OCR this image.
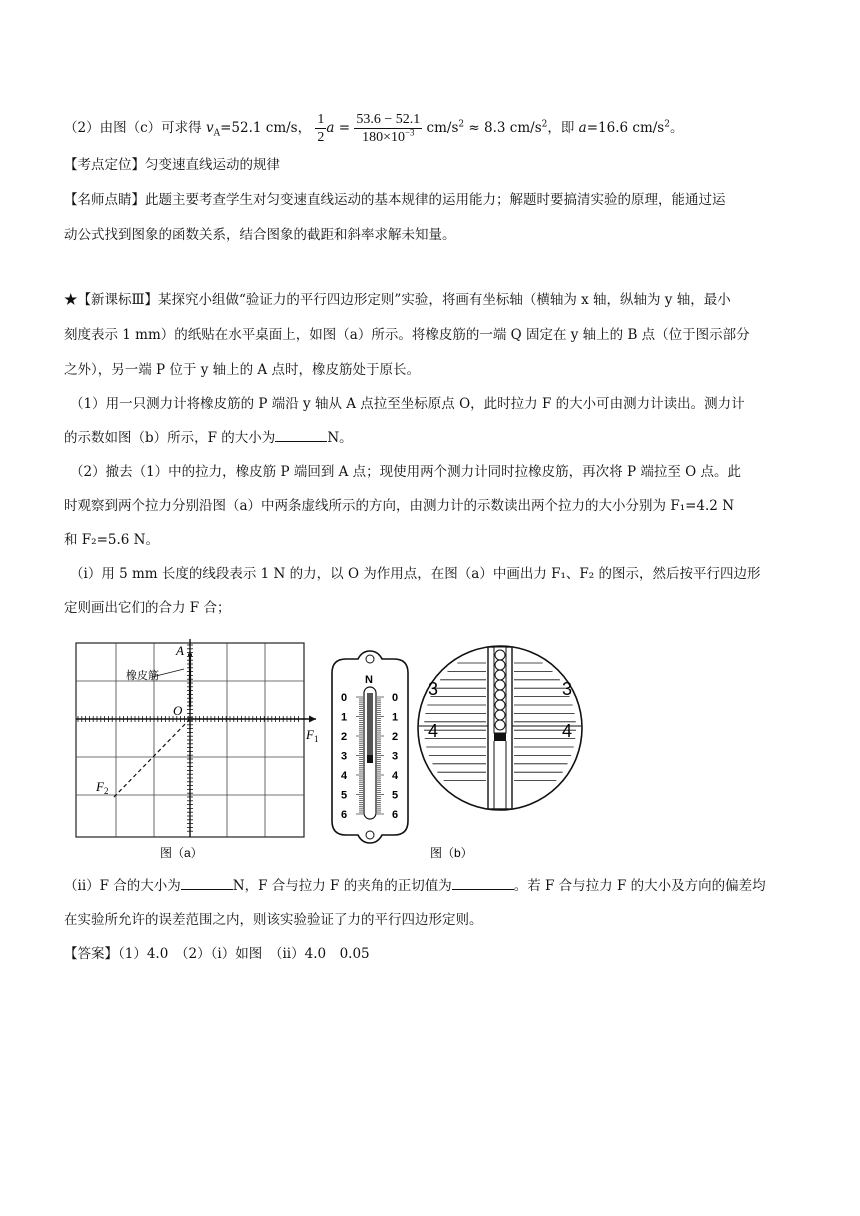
（2）由图（c）可求得 $v_A=52.1$ cm/s， $\frac{1}{2}$ $a = \frac{53.6 - 52.1}{180\times 10^{-3}} cm/s^2 \approx 8.3$ $cm/s^2$，即 a=16.6 $cm/s^2$。
【考点定位】匀变速直线运动的规律
【名师点睛】此题主要考查学生对匀变速直线运动的基本规律的运用能力；解题时要搞清实验的原理，能通过运
动公式找到图象的函数关系，结合图象的截距和斜率求解未知量。
★【新课标Ⅲ】某探究小组做“验证力的平行四边形定则”实验，将画有坐标轴（横轴为 x 轴，纵轴为 y 轴，最小
刻度表示 1 mm）的纸贴在水平桌面上，如图（a）所示。将橡皮筋的一端 Q 固定在 y 轴上的 B 点（位于图示部分
之外），另一端 P 位于 y 轴上的 A 点时，橡皮筋处于原长。
（1）用一只测力计将橡皮筋的 P 端沿 y 轴从 A 点拉至坐标原点 O，此时拉力 F 的大小可由测力计读出。测力计
的示数如图（b）所示，F 的大小为	N。
（2）撤去（1）中的拉力，橡皮筋 P 端回到 A 点；现使用两个测力计同时拉橡皮筋，再次将 P 端拉至 O 点。此
时观察到两个拉力分别沿图（a）中两条虚线所示的方向，由测力计的示数读出两个拉力的大小分别为 F₁=4.2 N
和 F₂=5.6 N。
（i）用 5 mm 长度的线段表示 1 N 的力，以 O 为作用点，在图（a）中画出力 F₁、F₂ 的图示，然后按平行四边形
定则画出它们的合力 F 合；
A
O
橡皮筋
$F_1$
$F_2$
图（a）
N
0	0
1	1
2	2
3	3
4	4
5	5
6	6
3	3
4	4
图（b）
（ii）F 合的大小为	N，F 合与拉力 F 的夹角的正切值为	。若 F 合与拉力 F 的大小及方向的偏差均
在实验所允许的误差范围之内，则该实验验证了力的平行四边形定则。
【答案】（1）4.0　（2）（i）如图　（ii）4.0　0.05
